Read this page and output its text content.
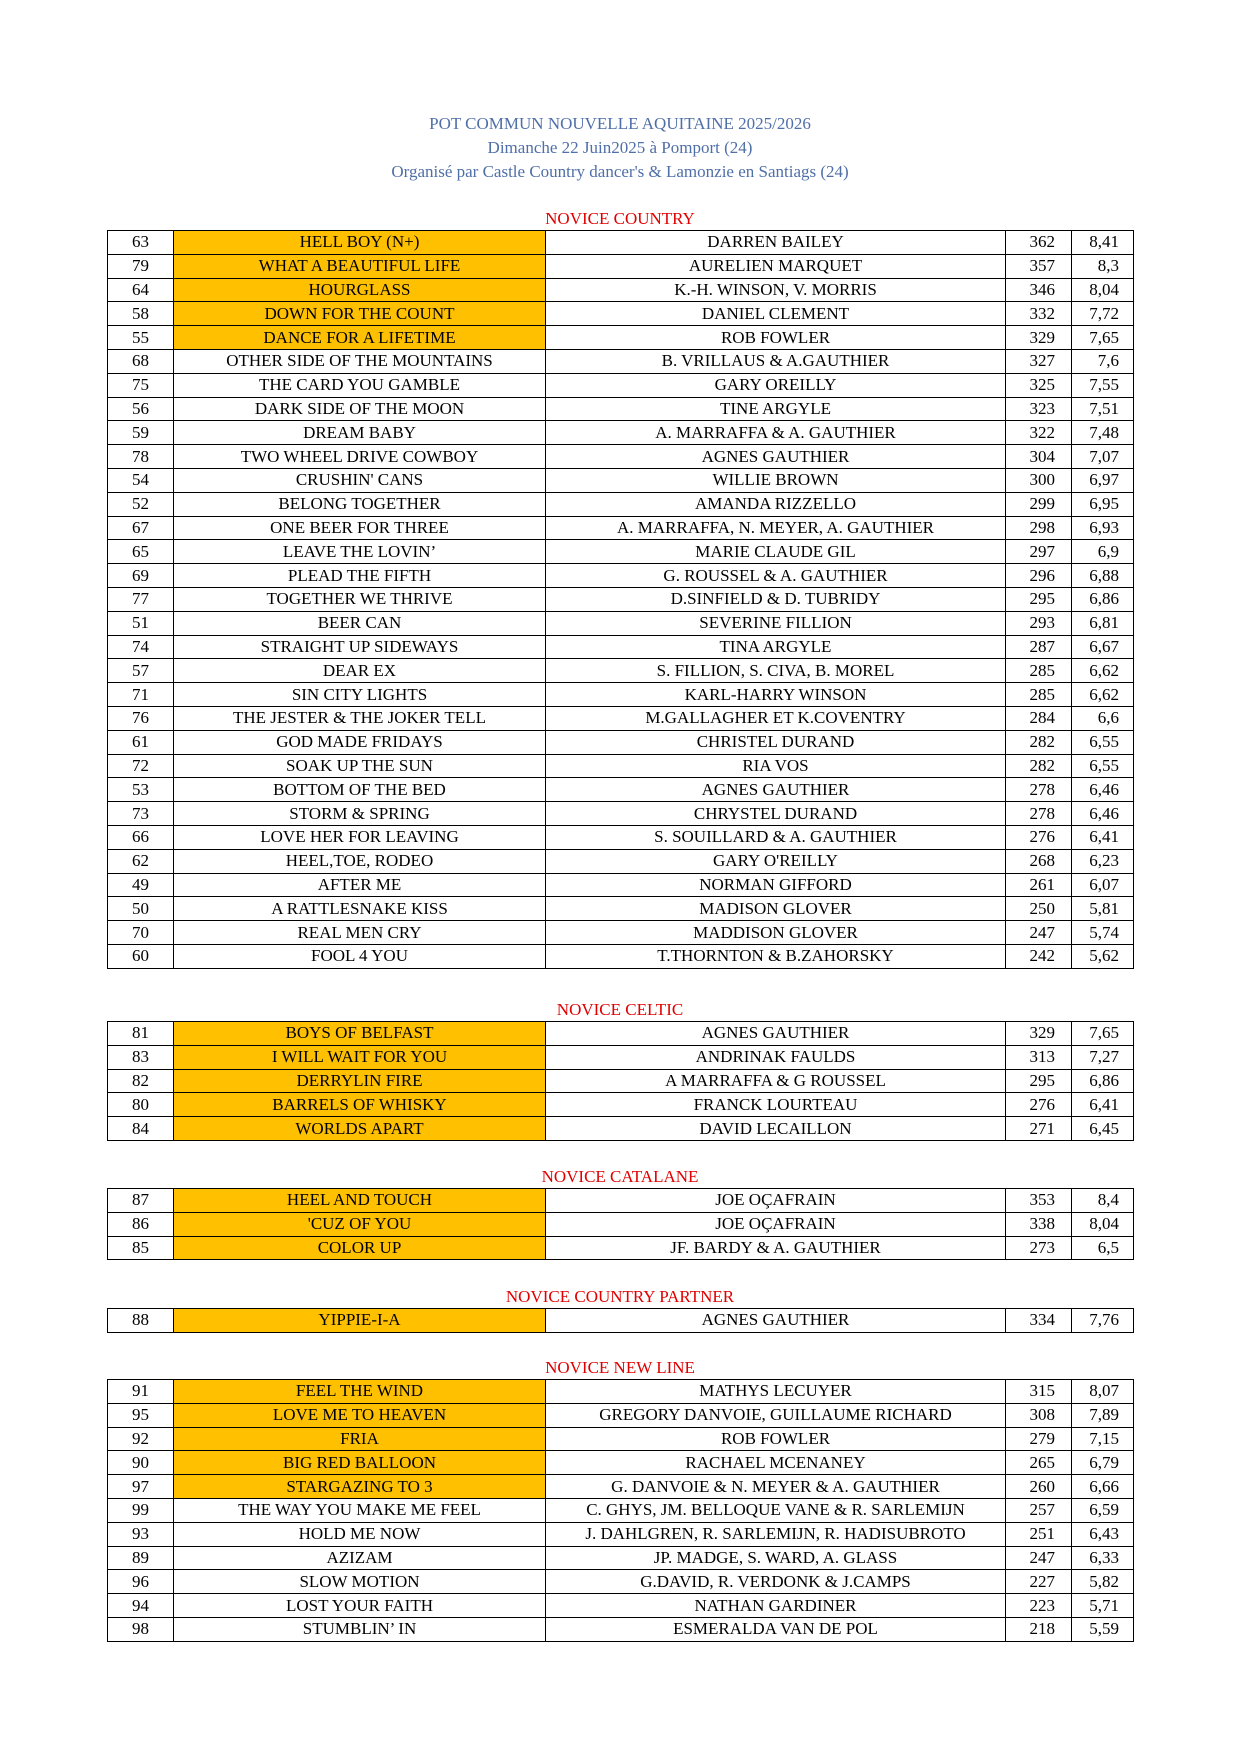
POT COMMUN NOUVELLE AQUITAINE 2025/2026
Dimanche 22 Juin2025 à Pomport (24)
Organisé par Castle Country dancer's & Lamonzie en Santiags (24)
NOVICE COUNTRY
63	HELL BOY (N+)	DARREN BAILEY	362	8,41
79	WHAT A BEAUTIFUL LIFE	AURELIEN MARQUET	357	8,3
64	HOURGLASS	K.-H. WINSON, V. MORRIS	346	8,04
58	DOWN FOR THE COUNT	DANIEL CLEMENT	332	7,72
55	DANCE FOR A LIFETIME	ROB FOWLER	329	7,65
68	OTHER SIDE OF THE MOUNTAINS	B. VRILLAUS & A.GAUTHIER	327	7,6
75	THE CARD YOU GAMBLE	GARY OREILLY	325	7,55
56	DARK SIDE OF THE MOON	TINE ARGYLE	323	7,51
59	DREAM BABY	A. MARRAFFA & A. GAUTHIER	322	7,48
78	TWO WHEEL DRIVE COWBOY	AGNES GAUTHIER	304	7,07
54	CRUSHIN' CANS	WILLIE BROWN	300	6,97
52	BELONG TOGETHER	AMANDA RIZZELLO	299	6,95
67	ONE BEER FOR THREE	A. MARRAFFA, N. MEYER, A. GAUTHIER	298	6,93
65	LEAVE THE LOVIN’	MARIE CLAUDE GIL	297	6,9
69	PLEAD THE FIFTH	G. ROUSSEL & A. GAUTHIER	296	6,88
77	TOGETHER WE THRIVE	D.SINFIELD & D. TUBRIDY	295	6,86
51	BEER CAN	SEVERINE FILLION	293	6,81
74	STRAIGHT UP SIDEWAYS	TINA ARGYLE	287	6,67
57	DEAR EX	S. FILLION, S. CIVA, B. MOREL	285	6,62
71	SIN CITY LIGHTS	KARL-HARRY WINSON	285	6,62
76	THE JESTER & THE JOKER TELL	M.GALLAGHER ET K.COVENTRY	284	6,6
61	GOD MADE FRIDAYS	CHRISTEL DURAND	282	6,55
72	SOAK UP THE SUN	RIA VOS	282	6,55
53	BOTTOM OF THE BED	AGNES GAUTHIER	278	6,46
73	STORM & SPRING	CHRYSTEL DURAND	278	6,46
66	LOVE HER FOR LEAVING	S. SOUILLARD & A. GAUTHIER	276	6,41
62	HEEL,TOE, RODEO	GARY O'REILLY	268	6,23
49	AFTER ME	NORMAN GIFFORD	261	6,07
50	A RATTLESNAKE KISS	MADISON GLOVER	250	5,81
70	REAL MEN CRY	MADDISON GLOVER	247	5,74
60	FOOL 4 YOU	T.THORNTON & B.ZAHORSKY	242	5,62
NOVICE CELTIC
81	BOYS OF BELFAST	AGNES GAUTHIER	329	7,65
83	I WILL WAIT FOR YOU	ANDRINAK FAULDS	313	7,27
82	DERRYLIN FIRE	A MARRAFFA & G ROUSSEL	295	6,86
80	BARRELS OF WHISKY	FRANCK LOURTEAU	276	6,41
84	WORLDS APART	DAVID LECAILLON	271	6,45
NOVICE CATALANE
87	HEEL AND TOUCH	JOE OÇAFRAIN	353	8,4
86	'CUZ OF YOU	JOE OÇAFRAIN	338	8,04
85	COLOR UP	JF. BARDY & A. GAUTHIER	273	6,5
NOVICE COUNTRY PARTNER
88	YIPPIE-I-A	AGNES GAUTHIER	334	7,76
NOVICE NEW LINE
91	FEEL THE WIND	MATHYS LECUYER	315	8,07
95	LOVE ME TO HEAVEN	GREGORY DANVOIE, GUILLAUME RICHARD	308	7,89
92	FRIA	ROB FOWLER	279	7,15
90	BIG RED BALLOON	RACHAEL MCENANEY	265	6,79
97	STARGAZING TO 3	G. DANVOIE & N. MEYER & A. GAUTHIER	260	6,66
99	THE WAY YOU MAKE ME FEEL	C. GHYS, JM. BELLOQUE VANE & R. SARLEMIJN	257	6,59
93	HOLD ME NOW	J. DAHLGREN, R. SARLEMIJN, R. HADISUBROTO	251	6,43
89	AZIZAM	JP. MADGE, S. WARD, A. GLASS	247	6,33
96	SLOW MOTION	G.DAVID, R. VERDONK & J.CAMPS	227	5,82
94	LOST YOUR FAITH	NATHAN GARDINER	223	5,71
98	STUMBLIN’ IN	ESMERALDA VAN DE POL	218	5,59
